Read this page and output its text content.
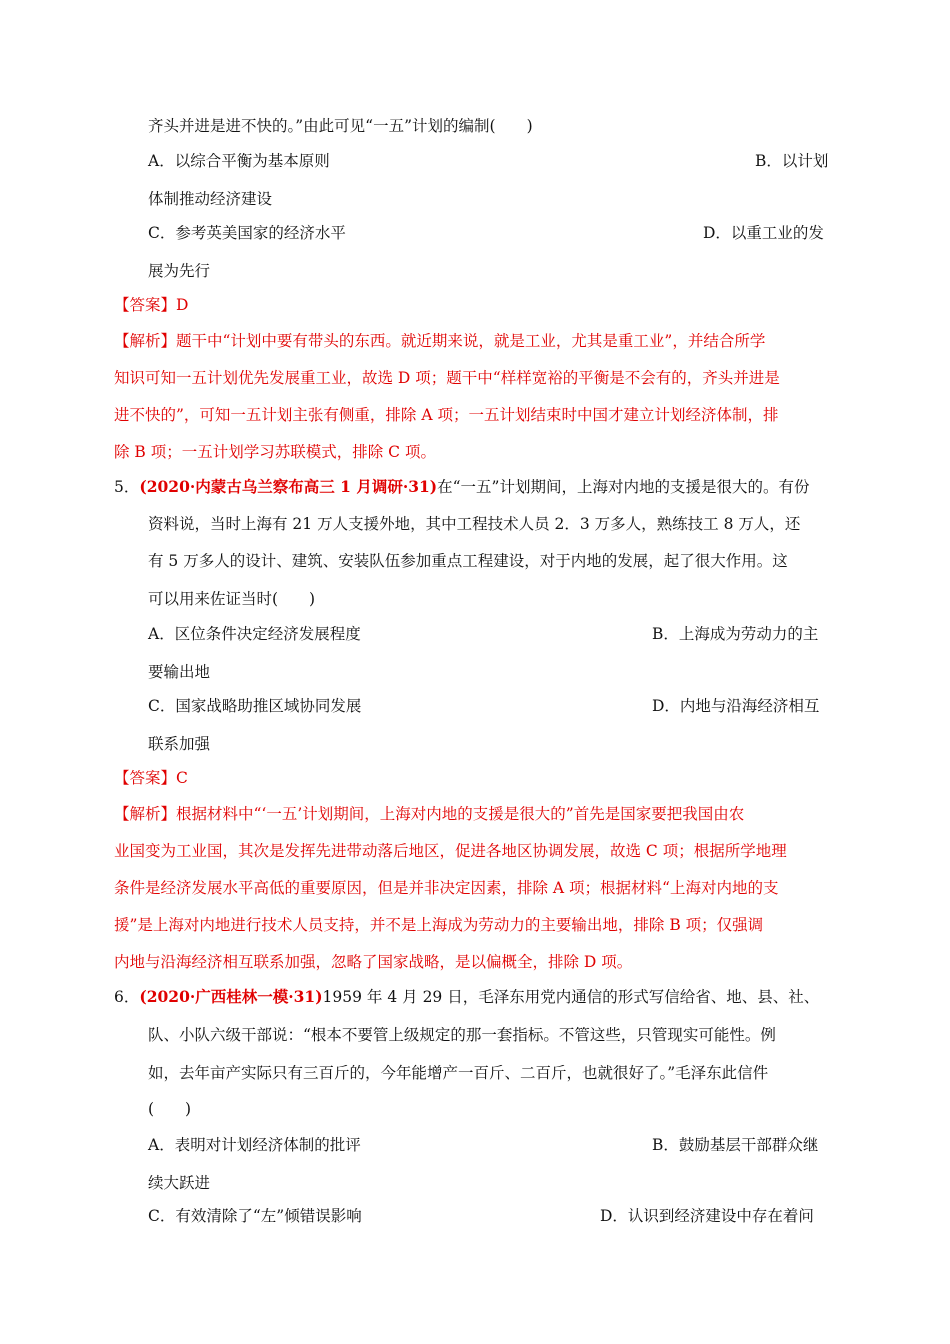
齐头并进是进不快的。”由此可见“一五”计划的编制(　　)
A．以综合平衡为基本原则	B．以计划
体制推动经济建设
C．参考英美国家的经济水平	D．以重工业的发
展为先行
【答案】D
【解析】题干中“计划中要有带头的东西。就近期来说，就是工业，尤其是重工业”，并结合所学
知识可知一五计划优先发展重工业，故选 D 项；题干中“样样宽裕的平衡是不会有的，齐头并进是
进不快的”，可知一五计划主张有侧重，排除 A 项；一五计划结束时中国才建立计划经济体制，排
除 B 项；一五计划学习苏联模式，排除 C 项。
5．(2020·内蒙古乌兰察布高三 1 月调研·31)在“一五”计划期间，上海对内地的支援是很大的。有份
资料说，当时上海有 21 万人支援外地，其中工程技术人员 2．3 万多人，熟练技工 8 万人，还
有 5 万多人的设计、建筑、安装队伍参加重点工程建设，对于内地的发展，起了很大作用。这
可以用来佐证当时(　　)
A．区位条件决定经济发展程度	B．上海成为劳动力的主
要输出地
C．国家战略助推区域协同发展	D．内地与沿海经济相互
联系加强
【答案】C
【解析】根据材料中“‘一五’计划期间，上海对内地的支援是很大的”首先是国家要把我国由农
业国变为工业国，其次是发挥先进带动落后地区，促进各地区协调发展，故选 C 项；根据所学地理
条件是经济发展水平高低的重要原因，但是并非决定因素，排除 A 项；根据材料“上海对内地的支
援”是上海对内地进行技术人员支持，并不是上海成为劳动力的主要输出地，排除 B 项；仅强调
内地与沿海经济相互联系加强，忽略了国家战略，是以偏概全，排除 D 项。
6．(2020·广西桂林一模·31)1959 年 4 月 29 日，毛泽东用党内通信的形式写信给省、地、县、社、
队、小队六级干部说：“根本不要管上级规定的那一套指标。不管这些，只管现实可能性。例
如，去年亩产实际只有三百斤的，今年能增产一百斤、二百斤，也就很好了。”毛泽东此信件
(　　)
A．表明对计划经济体制的批评	B．鼓励基层干部群众继
续大跃进
C．有效清除了“左”倾错误影响	D．认识到经济建设中存在着问
